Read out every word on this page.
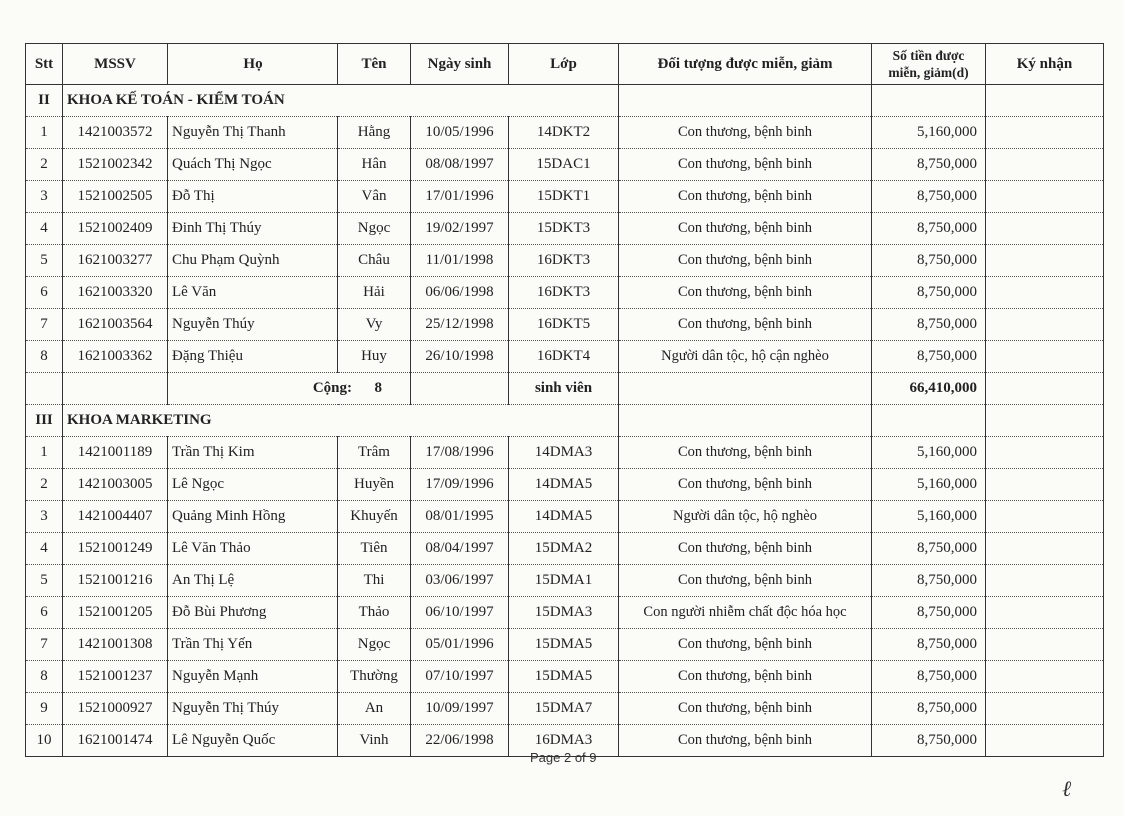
Stt	MSSV	Họ	Tên	Ngày sinh	Lớp	Đối tượng được miễn, giảm	Số tiền được
miễn, giảm(d)	Ký nhận
II	KHOA KẾ TOÁN - KIỂM TOÁN							
1	1421003572	Nguyễn Thị Thanh	Hằng	10/05/1996	14DKT2	Con thương, bệnh binh	5,160,000	
2	1521002342	Quách Thị Ngọc	Hân	08/08/1997	15DAC1	Con thương, bệnh binh	8,750,000	
3	1521002505	Đỗ Thị	Vân	17/01/1996	15DKT1	Con thương, bệnh binh	8,750,000	
4	1521002409	Đinh Thị Thúy	Ngọc	19/02/1997	15DKT3	Con thương, bệnh binh	8,750,000	
5	1621003277	Chu Phạm Quỳnh	Châu	11/01/1998	16DKT3	Con thương, bệnh binh	8,750,000	
6	1621003320	Lê Văn	Hải	06/06/1998	16DKT3	Con thương, bệnh binh	8,750,000	
7	1621003564	Nguyễn Thúy	Vy	25/12/1998	16DKT5	Con thương, bệnh binh	8,750,000	
8	1621003362	Đặng Thiệu	Huy	26/10/1998	16DKT4	Người dân tộc, hộ cận nghèo	8,750,000	
		Cộng: 8			sinh viên		66,410,000	
III	KHOA MARKETING							
1	1421001189	Trần Thị Kim	Trâm	17/08/1996	14DMA3	Con thương, bệnh binh	5,160,000	
2	1421003005	Lê Ngọc	Huyền	17/09/1996	14DMA5	Con thương, bệnh binh	5,160,000	
3	1421004407	Quảng Minh Hồng	Khuyến	08/01/1995	14DMA5	Người dân tộc, hộ nghèo	5,160,000	
4	1521001249	Lê Văn Thảo	Tiên	08/04/1997	15DMA2	Con thương, bệnh binh	8,750,000	
5	1521001216	An Thị Lệ	Thi	03/06/1997	15DMA1	Con thương, bệnh binh	8,750,000	
6	1521001205	Đỗ Bùi Phương	Thảo	06/10/1997	15DMA3	Con người nhiễm chất độc hóa học	8,750,000	
7	1421001308	Trần Thị Yến	Ngọc	05/01/1996	15DMA5	Con thương, bệnh binh	8,750,000	
8	1521001237	Nguyễn Mạnh	Thường	07/10/1997	15DMA5	Con thương, bệnh binh	8,750,000	
9	1521000927	Nguyễn Thị Thúy	An	10/09/1997	15DMA7	Con thương, bệnh binh	8,750,000	
10	1621001474	Lê Nguyễn Quốc	Vinh	22/06/1998	16DMA3	Con thương, bệnh binh	8,750,000	
Page 2 of 9
ℓ
